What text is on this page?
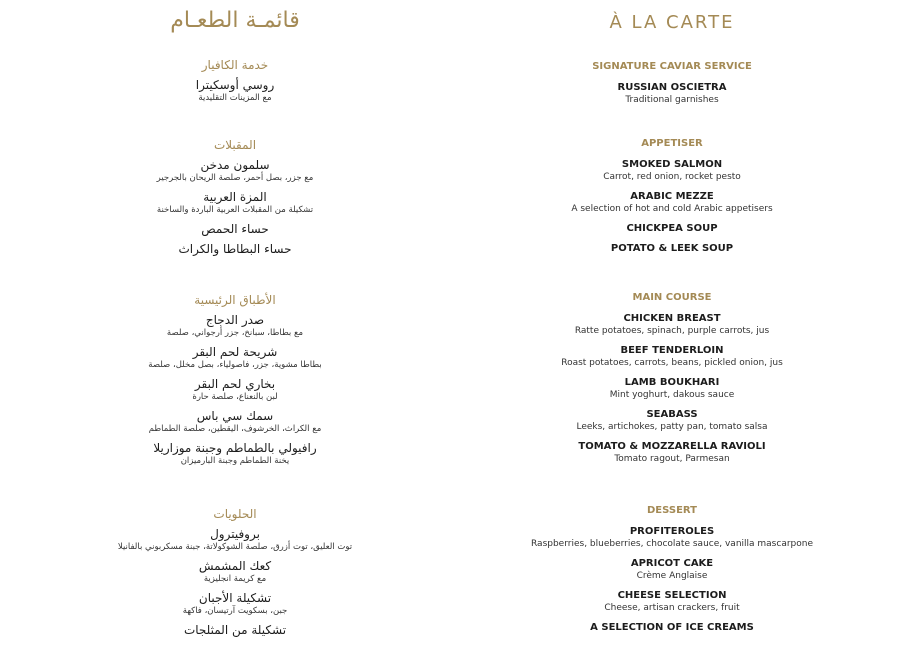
قائمـة الطعـام
خدمة الكافيار
روسي أوسكيترا
مع المزينات التقليدية
المقبلات
سلمون مدخن
مع جزر، بصل أحمر، صلصة الريحان بالجرجير
المزة العربية
تشكيلة من المقبلات العربية الباردة والساخنة
حساء الحمص
حساء البطاطا والكراث
الأطباق الرئيسية
صدر الدجاج
مع بطاطا، سبانخ، جزر أرجواني، صلصة
شريحة لحم البقر
بطاطا مشوية، جزر، فاصولياء، بصل مخلل، صلصة
بخاري لحم البقر
لبن بالنعناع، صلصة حارة
سمك سي باس
مع الكراث، الخرشوف، اليقطين، صلصة الطماطم
رافيولي بالطماطم وجبنة موزاريلا
يخنة الطماطم وجبنة البارميزان
الحلويات
بروفيترول
توت العليق، توت أزرق، صلصة الشوكولاتة، جبنة مسكربوني بالفانيلا
كعك المشمش
مع كريمة انجليزية
تشكيلة الأجبان
جبن، بسكويت آرتيسان، فاكهة
تشكيلة من المثلجات
À LA CARTE
SIGNATURE CAVIAR SERVICE
RUSSIAN OSCIETRA
Traditional garnishes
APPETISER
SMOKED SALMON
Carrot, red onion, rocket pesto
ARABIC MEZZE
A selection of hot and cold Arabic appetisers
CHICKPEA SOUP
POTATO & LEEK SOUP
MAIN COURSE
CHICKEN BREAST
Ratte potatoes, spinach, purple carrots, jus
BEEF TENDERLOIN
Roast potatoes, carrots, beans, pickled onion, jus
LAMB BOUKHARI
Mint yoghurt, dakous sauce
SEABASS
Leeks, artichokes, patty pan, tomato salsa
TOMATO & MOZZARELLA RAVIOLI
Tomato ragout, Parmesan
DESSERT
PROFITEROLES
Raspberries, blueberries, chocolate sauce, vanilla mascarpone
APRICOT CAKE
Crème Anglaise
CHEESE SELECTION
Cheese, artisan crackers, fruit
A SELECTION OF ICE CREAMS
